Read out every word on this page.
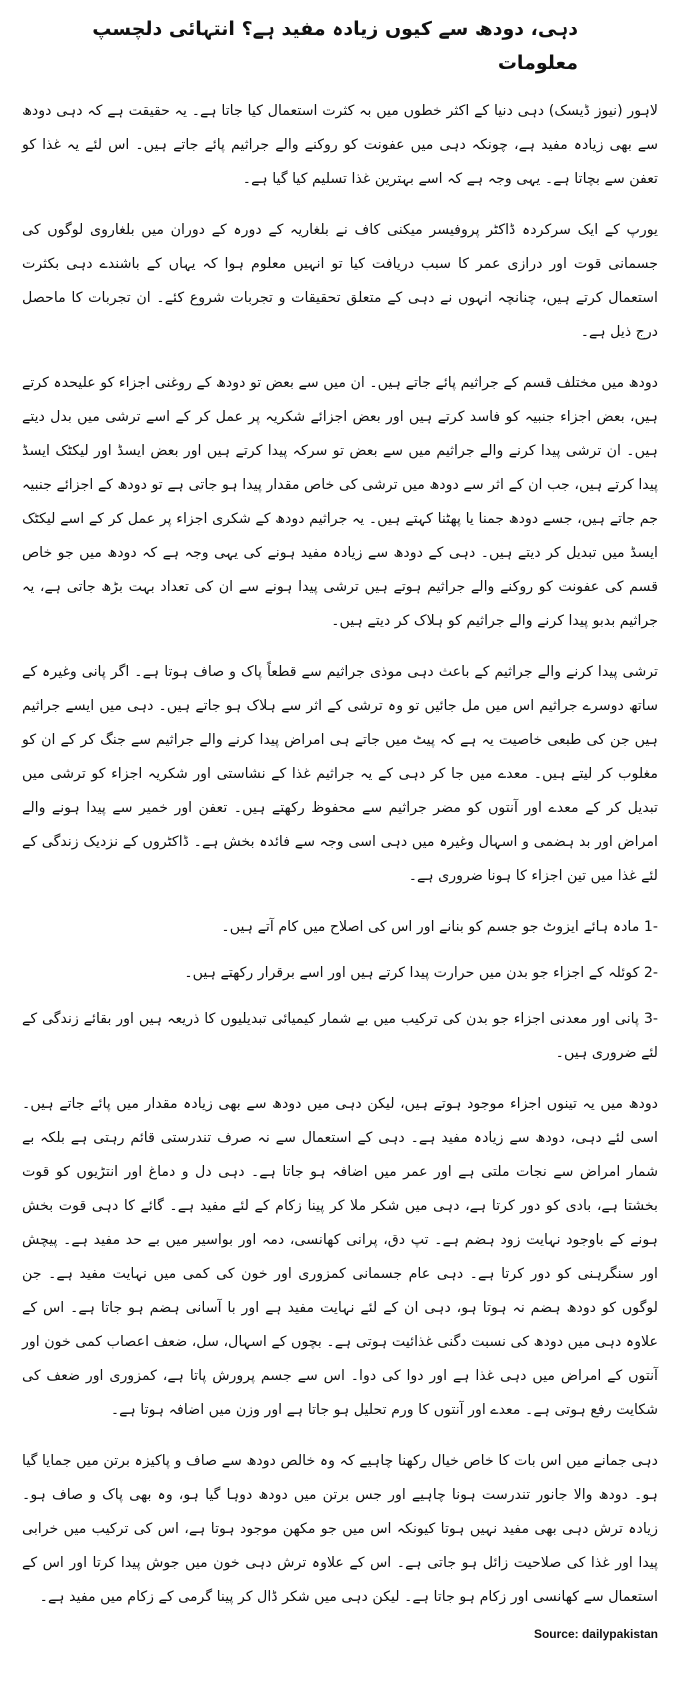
دہی، دودھ سے کیوں زیادہ مفید ہے؟ انتہائی دلچسپ معلومات

لاہور (نیوز ڈیسک) دہی دنیا کے اکثر خطوں میں بہ کثرت استعمال کیا جاتا ہے۔ یہ حقیقت ہے کہ دہی دودھ سے بھی زیادہ مفید ہے، چونکہ دہی میں عفونت کو روکنے والے جراثیم پائے جاتے ہیں۔ اس لئے یہ غذا کو تعفن سے بچاتا ہے۔ یہی وجہ ہے کہ اسے بہترین غذا تسلیم کیا گیا ہے۔

یورپ کے ایک سرکردہ ڈاکٹر پروفیسر میکنی کاف نے بلغاریہ کے دورہ کے دوران میں بلغاروی لوگوں کی جسمانی قوت اور درازی عمر کا سبب دریافت کیا تو انہیں معلوم ہوا کہ یہاں کے باشندے دہی بکثرت استعمال کرتے ہیں، چنانچہ انہوں نے دہی کے متعلق تحقیقات و تجربات شروع کئے۔ ان تجربات کا ماحصل درج ذیل ہے۔

دودھ میں مختلف قسم کے جراثیم پائے جاتے ہیں۔ ان میں سے بعض تو دودھ کے روغنی اجزاء کو علیحدہ کرتے ہیں، بعض اجزاء جنبیہ کو فاسد کرتے ہیں اور بعض اجزائے شکریہ پر عمل کر کے اسے ترشی میں بدل دیتے ہیں۔ ان ترشی پیدا کرنے والے جراثیم میں سے بعض تو سرکہ پیدا کرتے ہیں اور بعض ایسڈ اور لیکٹک ایسڈ پیدا کرتے ہیں، جب ان کے اثر سے دودھ میں ترشی کی خاص مقدار پیدا ہو جاتی ہے تو دودھ کے اجزائے جنبیہ جم جاتے ہیں، جسے دودھ جمنا یا پھٹنا کہتے ہیں۔ یہ جراثیم دودھ کے شکری اجزاء پر عمل کر کے اسے لیکٹک ایسڈ میں تبدیل کر دیتے ہیں۔ دہی کے دودھ سے زیادہ مفید ہونے کی یہی وجہ ہے کہ دودھ میں جو خاص قسم کی عفونت کو روکنے والے جراثیم ہوتے ہیں ترشی پیدا ہونے سے ان کی تعداد بہت بڑھ جاتی ہے، یہ جراثیم بدبو پیدا کرنے والے جراثیم کو ہلاک کر دیتے ہیں۔

ترشی پیدا کرنے والے جراثیم کے باعث دہی موذی جراثیم سے قطعاً پاک و صاف ہوتا ہے۔ اگر پانی وغیرہ کے ساتھ دوسرے جراثیم اس میں مل جائیں تو وہ ترشی کے اثر سے ہلاک ہو جاتے ہیں۔ دہی میں ایسے جراثیم ہیں جن کی طبعی خاصیت یہ ہے کہ پیٹ میں جاتے ہی امراض پیدا کرنے والے جراثیم سے جنگ کر کے ان کو مغلوب کر لیتے ہیں۔ معدے میں جا کر دہی کے یہ جراثیم غذا کے نشاستی اور شکریہ اجزاء کو ترشی میں تبدیل کر کے معدے اور آنتوں کو مضر جراثیم سے محفوظ رکھتے ہیں۔ تعفن اور خمیر سے پیدا ہونے والے امراض اور بد ہضمی و اسہال وغیرہ میں دہی اسی وجہ سے فائدہ بخش ہے۔ ڈاکٹروں کے نزدیک زندگی کے لئے غذا میں تین اجزاء کا ہونا ضروری ہے۔

-1 مادہ ہائے ایزوٹ جو جسم کو بنانے اور اس کی اصلاح میں کام آتے ہیں۔

-2 کوئلہ کے اجزاء جو بدن میں حرارت پیدا کرتے ہیں اور اسے برقرار رکھتے ہیں۔

-3 پانی اور معدنی اجزاء جو بدن کی ترکیب میں بے شمار کیمیائی تبدیلیوں کا ذریعہ ہیں اور بقائے زندگی کے لئے ضروری ہیں۔

دودھ میں یہ تینوں اجزاء موجود ہوتے ہیں، لیکن دہی میں دودھ سے بھی زیادہ مقدار میں پائے جاتے ہیں۔ اسی لئے دہی، دودھ سے زیادہ مفید ہے۔ دہی کے استعمال سے نہ صرف تندرستی قائم رہتی ہے بلکہ بے شمار امراض سے نجات ملتی ہے اور عمر میں اضافہ ہو جاتا ہے۔ دہی دل و دماغ اور انتڑیوں کو قوت بخشتا ہے، بادی کو دور کرتا ہے، دہی میں شکر ملا کر پینا زکام کے لئے مفید ہے۔ گائے کا دہی قوت بخش ہونے کے باوجود نہایت زود ہضم ہے۔ تپ دق، پرانی کھانسی، دمہ اور بواسیر میں بے حد مفید ہے۔ پیچش اور سنگرہنی کو دور کرتا ہے۔ دہی عام جسمانی کمزوری اور خون کی کمی میں نہایت مفید ہے۔ جن لوگوں کو دودھ ہضم نہ ہوتا ہو، دہی ان کے لئے نہایت مفید ہے اور با آسانی ہضم ہو جاتا ہے۔ اس کے علاوہ دہی میں دودھ کی نسبت دگنی غذائیت ہوتی ہے۔ بچوں کے اسہال، سل، ضعف اعصاب کمی خون اور آنتوں کے امراض میں دہی غذا ہے اور دوا کی دوا۔ اس سے جسم پرورش پاتا ہے، کمزوری اور ضعف کی شکایت رفع ہوتی ہے۔ معدے اور آنتوں کا ورم تحلیل ہو جاتا ہے اور وزن میں اضافہ ہوتا ہے۔

دہی جمانے میں اس بات کا خاص خیال رکھنا چاہیے کہ وہ خالص دودھ سے صاف و پاکیزہ برتن میں جمایا گیا ہو۔ دودھ والا جانور تندرست ہونا چاہیے اور جس برتن میں دودھ دوہا گیا ہو، وہ بھی پاک و صاف ہو۔ زیادہ ترش دہی بھی مفید نہیں ہوتا کیونکہ اس میں جو مکھن موجود ہوتا ہے، اس کی ترکیب میں خرابی پیدا اور غذا کی صلاحیت زائل ہو جاتی ہے۔ اس کے علاوہ ترش دہی خون میں جوش پیدا کرتا اور اس کے استعمال سے کھانسی اور زکام ہو جاتا ہے۔ لیکن دہی میں شکر ڈال کر پینا گرمی کے زکام میں مفید ہے۔

Source: dailypakistan
